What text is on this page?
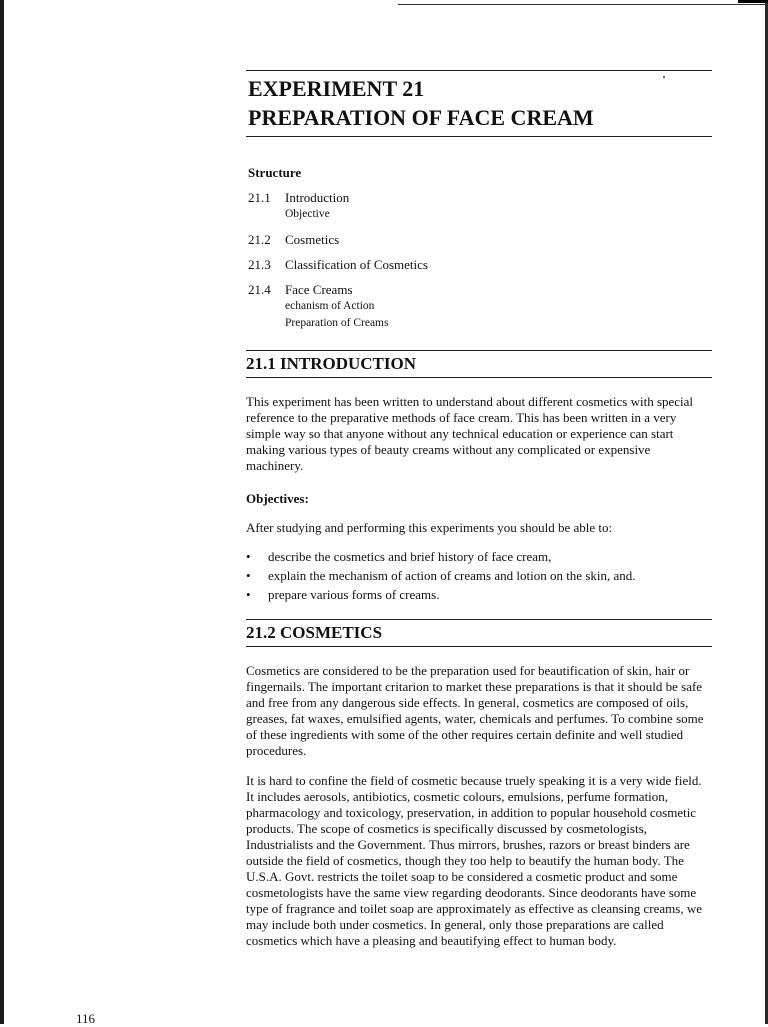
EXPERIMENT 21
PREPARATION OF FACE CREAM
Structure
21.1	Introduction
Objective
21.2	Cosmetics
21.3	Classification of Cosmetics
21.4	Face Creams
echanism of Action
Preparation of Creams
21.1 INTRODUCTION

This experiment has been written to understand about different cosmetics with special reference to the preparative methods of face cream. This has been written in a very simple way so that anyone without any technical education or experience can start making various types of beauty creams without any complicated or expensive machinery.

Objectives:
After studying and performing this experiments you should be able to:
•	describe the cosmetics and brief history of face cream,
•	explain the mechanism of action of creams and lotion on the skin, and.
•	prepare various forms of creams.
21.2 COSMETICS

Cosmetics are considered to be the preparation used for beautification of skin, hair or fingernails. The important critarion to market these preparations is that it should be safe and free from any dangerous side effects. In general, cosmetics are composed of oils, greases, fat waxes, emulsified agents, water, chemicals and perfumes. To combine some of these ingredients with some of the other requires certain definite and well studied procedures.

It is hard to confine the field of cosmetic because truely speaking it is a very wide field. It includes aerosols, antibiotics, cosmetic colours, emulsions, perfume formation, pharmacology and toxicology, preservation, in addition to popular household cosmetic products. The scope of cosmetics is specifically discussed by cosmetologists, Industrialists and the Government. Thus mirrors, brushes, razors or breast binders are outside the field of cosmetics, though they too help to beautify the human body. The U.S.A. Govt. restricts the toilet soap to be considered a cosmetic product and some cosmetologists have the same view regarding deodorants. Since deodorants have some type of fragrance and toilet soap are approximately as effective as cleansing creams, we may include both under cosmetics. In general, only those preparations are called cosmetics which have a pleasing and beautifying effect to human body.

116
